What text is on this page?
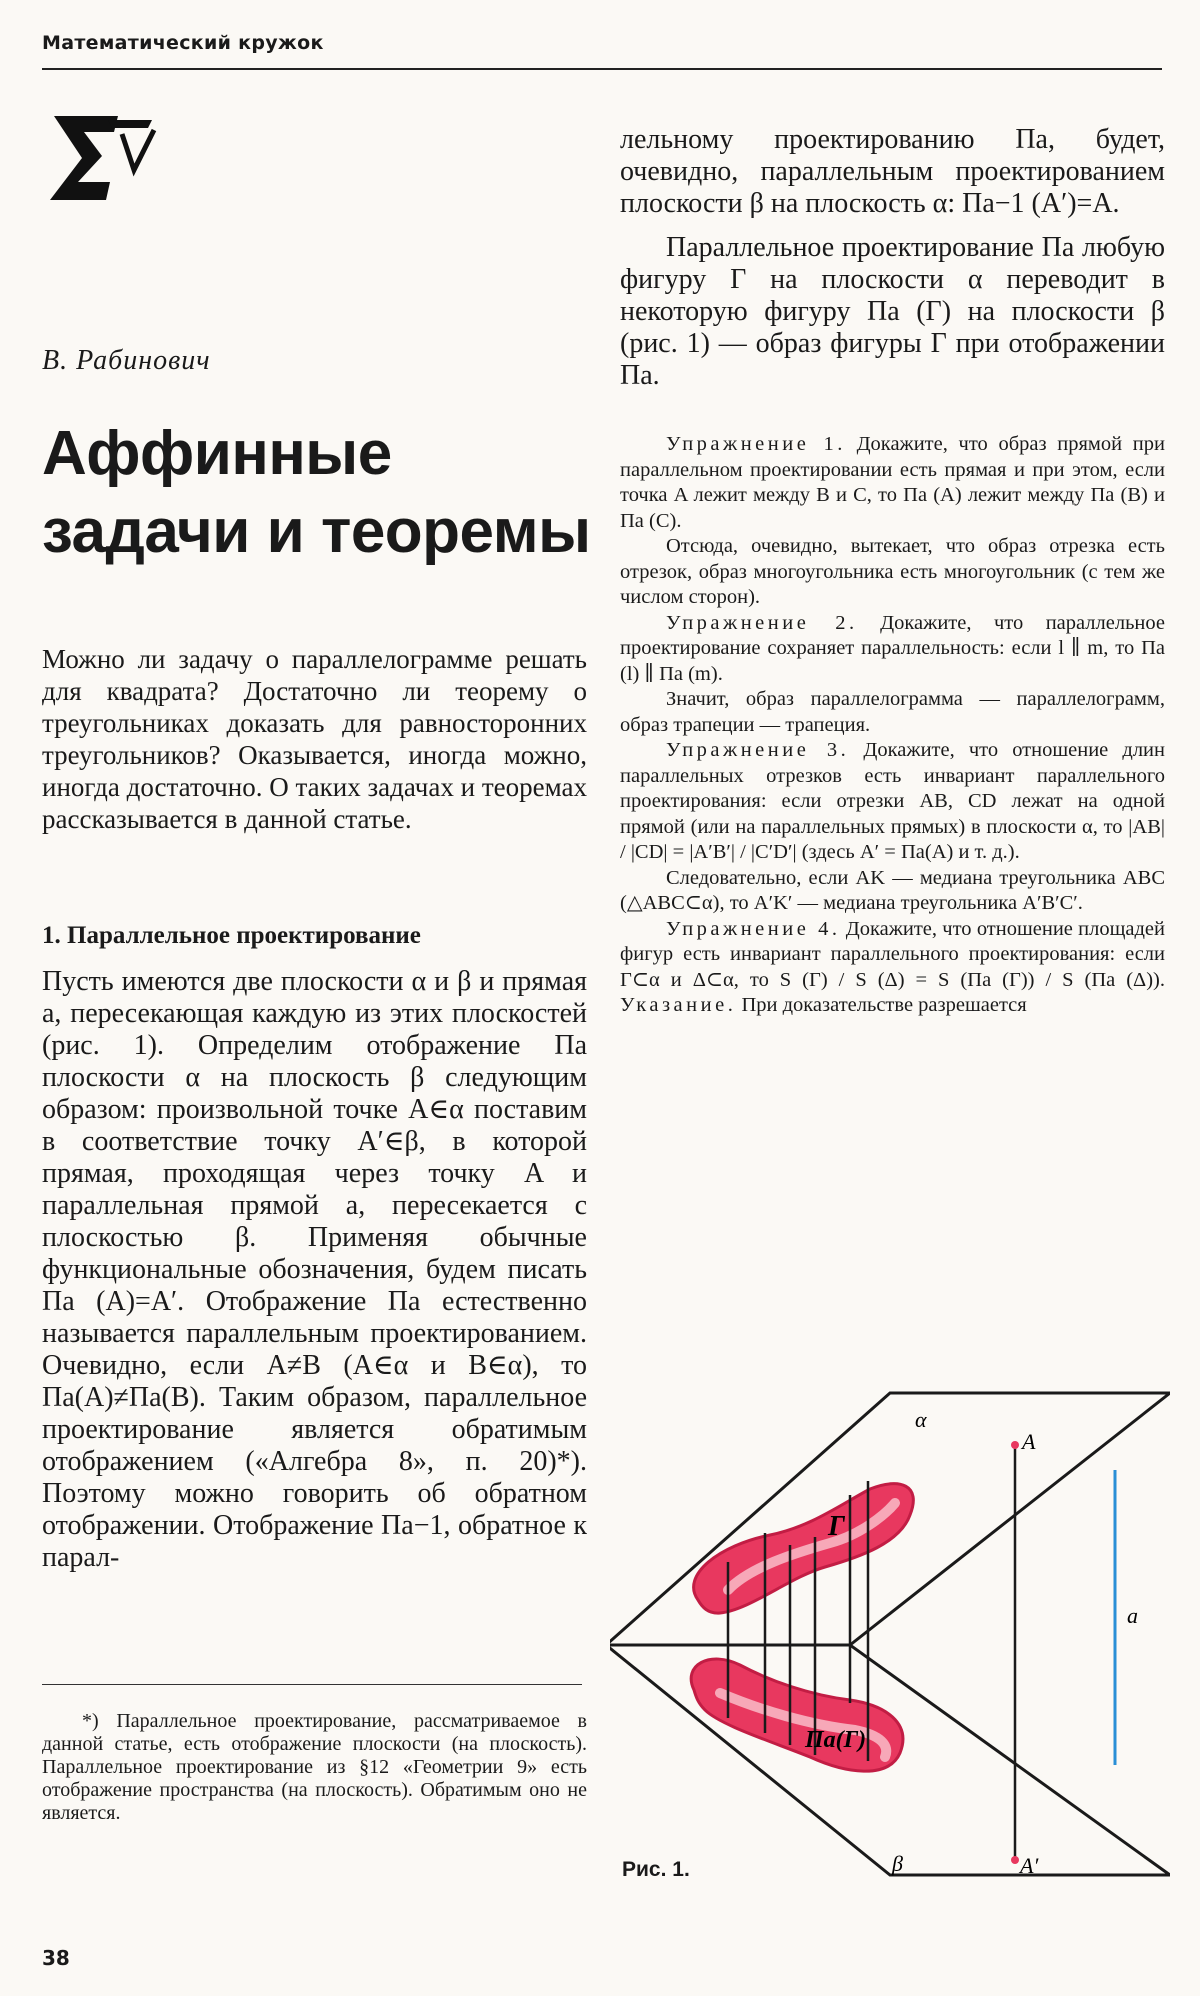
Математический кружок
В. Рабинович
Аффинные
задачи и теоремы
Можно ли задачу о параллелограмме решать для квадрата? Достаточно ли теорему о треугольниках доказать для равносторонних треугольников? Оказывается, иногда можно, иногда достаточно. О таких задачах и теоремах рассказывается в данной статье.
1. Параллельное проектирование
Пусть имеются две плоскости α и β и прямая a, пересекающая каждую из этих плоскостей (рис. 1). Определим отображение Πa плоскости α на плоскость β следующим образом: произвольной точке A∈α поставим в соответствие точку A′∈β, в которой прямая, проходящая через точку A и параллельная прямой a, пересекается с плоскостью β. Применяя обычные функциональные обозначения, будем писать Πa (A)=A′. Отображение Πa естественно называется параллельным проектированием. Очевидно, если A≠B (A∈α и B∈α), то Πa(A)≠Πa(B). Таким образом, параллельное проектирование является обратимым отображением («Алгебра 8», п. 20)*). Поэтому можно говорить об обратном отображении. Отображение Πa−1, обратное к парал-
*) Параллельное проектирование, рассматриваемое в данной статье, есть отображение плоскости (на плоскость). Параллельное проектирование из §12 «Геометрии 9» есть отображение пространства (на плоскость). Обратимым оно не является.
38

лельному проектированию Πa, будет, очевидно, параллельным проектированием плоскости β на плоскость α: Πa−1 (A′)=A.

Параллельное проектирование Πa любую фигуру Г на плоскости α переводит в некоторую фигуру Πa (Г) на плоскости β (рис. 1) — образ фигуры Г при отображении Πa.

Упражнение 1. Докажите, что образ прямой при параллельном проектировании есть прямая и при этом, если точка A лежит между B и C, то Πa (A) лежит между Πa (B) и Πa (C).

Отсюда, очевидно, вытекает, что образ отрезка есть отрезок, образ многоугольника есть многоугольник (с тем же числом сторон).

Упражнение 2. Докажите, что параллельное проектирование сохраняет параллельность: если l ∥ m, то Πa (l) ∥ Πa (m).

Значит, образ параллелограмма — параллелограмм, образ трапеции — трапеция.

Упражнение 3. Докажите, что отношение длин параллельных отрезков есть инвариант параллельного проектирования: если отрезки AB, CD лежат на одной прямой (или на параллельных прямых) в плоскости α, то |AB| / |CD| = |A′B′| / |C′D′| (здесь A′ = Πa(A) и т. д.).

Следовательно, если AK — медиана треугольника ABC (△ABC⊂α), то A′K′ — медиана треугольника A′B′C′.

Упражнение 4. Докажите, что отношение площадей фигур есть инвариант параллельного проектирования: если Г⊂α и Δ⊂α, то S (Г) / S (Δ) = S (Πa (Г)) / S (Πa (Δ)). Указание. При доказательстве разрешается

α
β
A
A′
a
Г
Πa(Г)
Рис. 1.
